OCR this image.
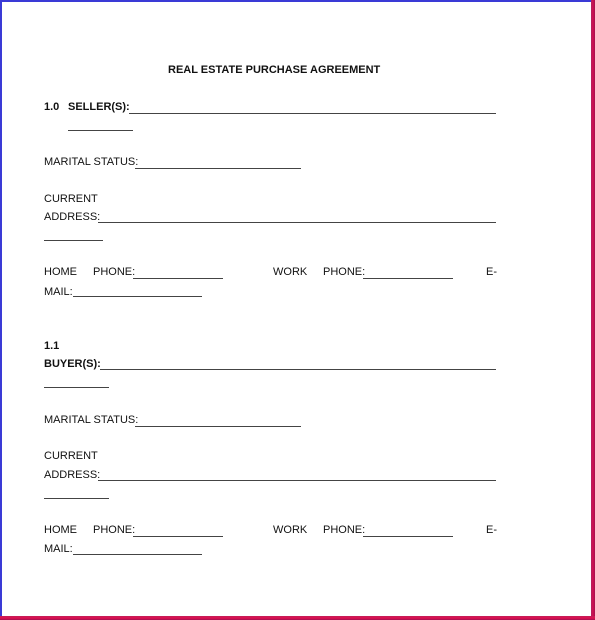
REAL ESTATE PURCHASE AGREEMENT
1.0 SELLER(S):
MARITAL STATUS:
CURRENT
ADDRESS:
HOME PHONE:	WORK PHONE:	E-
MAIL:
1.1
BUYER(S):
MARITAL STATUS:
CURRENT
ADDRESS:
HOME PHONE:	WORK PHONE:	E-
MAIL:
